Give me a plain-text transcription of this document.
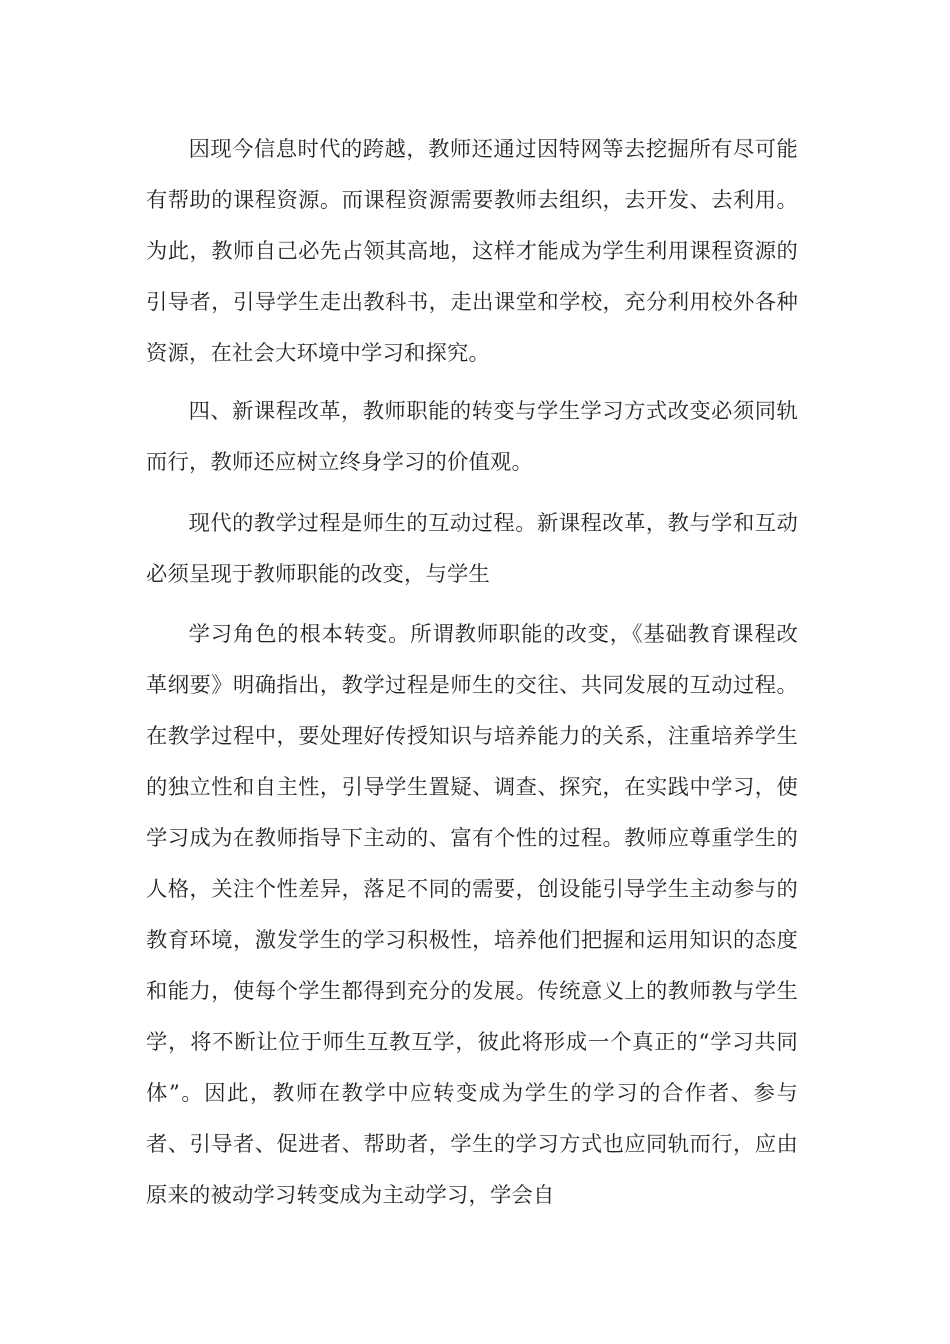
因现今信息时代的跨越，教师还通过因特网等去挖掘所有尽可能有帮助的课程资源。而课程资源需要教师去组织，去开发、去利用。为此，教师自己必先占领其高地，这样才能成为学生利用课程资源的引导者，引导学生走出教科书，走出课堂和学校，充分利用校外各种资源，在社会大环境中学习和探究。

四、新课程改革，教师职能的转变与学生学习方式改变必须同轨而行，教师还应树立终身学习的价值观。

现代的教学过程是师生的互动过程。新课程改革，教与学和互动必须呈现于教师职能的改变，与学生

学习角色的根本转变。所谓教师职能的改变，《基础教育课程改革纲要》明确指出，教学过程是师生的交往、共同发展的互动过程。在教学过程中，要处理好传授知识与培养能力的关系，注重培养学生的独立性和自主性，引导学生置疑、调查、探究，在实践中学习，使学习成为在教师指导下主动的、富有个性的过程。教师应尊重学生的人格，关注个性差异，落足不同的需要，创设能引导学生主动参与的教育环境，激发学生的学习积极性，培养他们把握和运用知识的态度和能力，使每个学生都得到充分的发展。传统意义上的教师教与学生学，将不断让位于师生互教互学，彼此将形成一个真正的“学习共同体”。因此，教师在教学中应转变成为学生的学习的合作者、参与者、引导者、促进者、帮助者，学生的学习方式也应同轨而行，应由原来的被动学习转变成为主动学习，学会自
